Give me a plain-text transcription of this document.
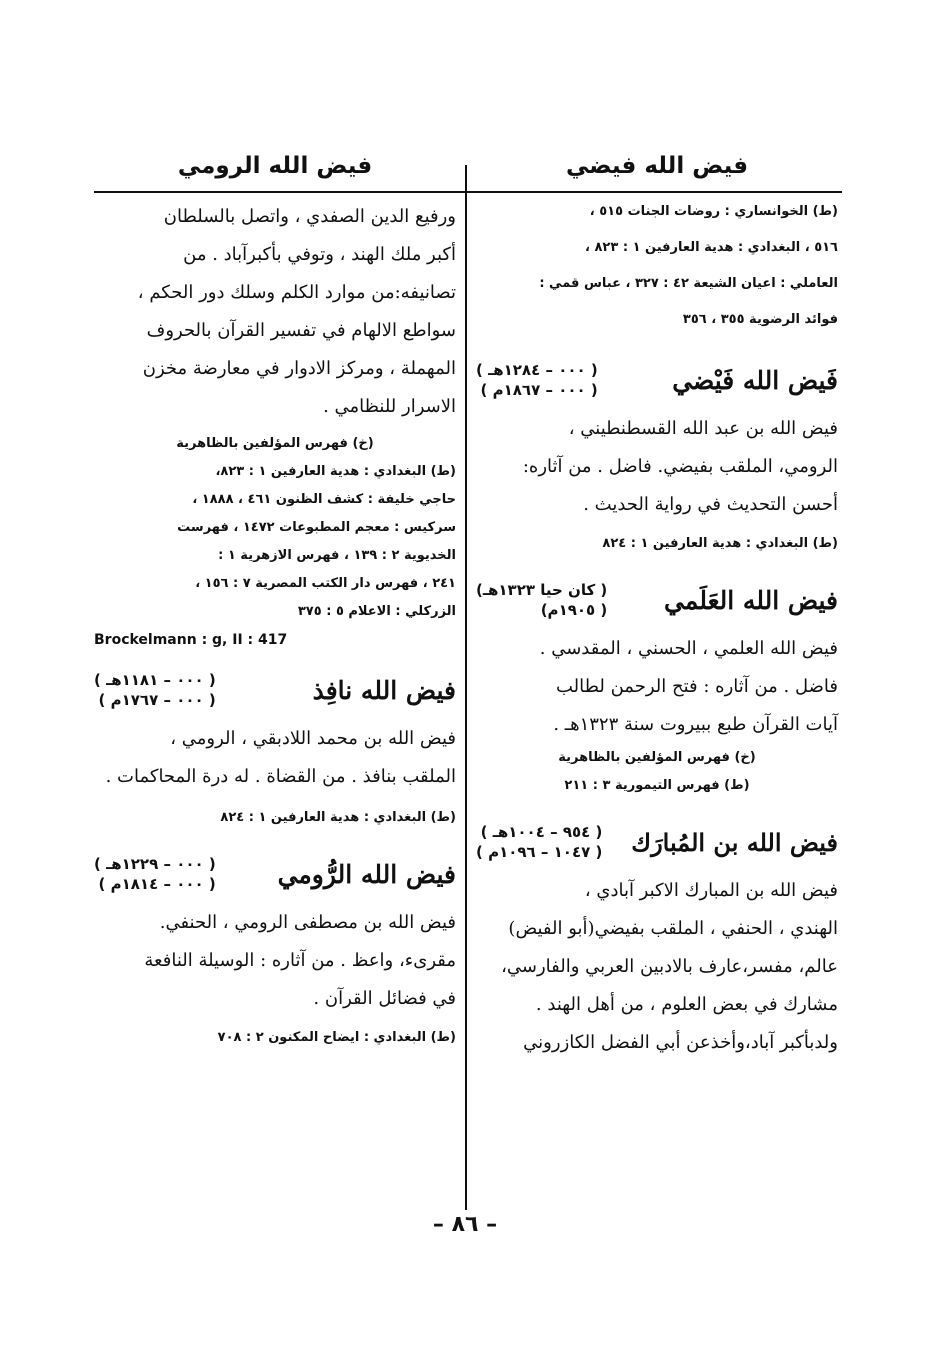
فيض الله فيضي
(ط) الخوانساري : روضات الجنات ٥١٥ ،
٥١٦ ، البغدادي : هدية العارفين ١ : ٨٢٣ ،
العاملي : اعيان الشيعة ٤٢ : ٣٢٧ ، عباس قمي :
فوائد الرضوية ٣٥٥ ، ٣٥٦
فَيض الله فَيْضي
( ٠٠٠ – ١٢٨٤هـ )
( ٠٠٠ – ١٨٦٧م )
فيض الله بن عبد الله القسطنطيني ،
الرومي، الملقب بفيضي. فاضل . من آثاره:
أحسن التحديث في رواية الحديث .
(ط) البغدادي : هدية العارفين ١ : ٨٢٤
فيض الله العَلَمي
( كان حيا ١٣٢٣هـ)
( ١٩٠٥م)
فيض الله العلمي ، الحسني ، المقدسي .
فاضل . من آثاره : فتح الرحمن لطالب
آيات القرآن طبع ببيروت سنة ١٣٢٣هـ .
(خ) فهرس المؤلفين بالظاهرية
(ط) فهرس التيمورية ٣ : ٢١١
فيض الله بن المُبارَك
( ٩٥٤ – ١٠٠٤هـ )
( ١٠٤٧ – ١٠٩٦م )
فيض الله بن المبارك الاكبر آبادي ،
الهندي ، الحنفي ، الملقب بفيضي(أبو الفيض)
عالم، مفسر،عارف بالادبين العربي والفارسي،
مشارك في بعض العلوم ، من أهل الهند .
ولدبأكبر آباد،وأخذعن أبي الفضل الكازروني
فيض الله الرومي
ورفيع الدين الصفدي ، واتصل بالسلطان
أكبر ملك الهند ، وتوفي بأكبرآباد . من
تصانيفه:من موارد الكلم وسلك دور الحكم ،
سواطع الالهام في تفسير القرآن بالحروف
المهملة ، ومركز الادوار في معارضة مخزن
الاسرار للنظامي .
(خ) فهرس المؤلفين بالظاهرية
(ط) البغدادي : هدية العارفين ١ : ٨٢٣،
حاجي خليفة : كشف الظنون ٤٦١ ، ١٨٨٨ ،
سركيس : معجم المطبوعات ١٤٧٢ ، فهرست
الخديوية ٢ : ١٣٩ ، فهرس الازهرية ١ :
٢٤١ ، فهرس دار الكتب المصرية ٧ : ١٥٦ ،
الزركلي : الاعلام ٥ : ٣٧٥
Brockelmann : g, II : 417
فيض الله نافِذ
( ٠٠٠ – ١١٨١هـ )
( ٠٠٠ – ١٧٦٧م )
فيض الله بن محمد اللادبقي ، الرومي ،
الملقب بنافذ . من القضاة . له درة المحاكمات .
(ط) البغدادي : هدية العارفين ١ : ٨٢٤
فيض الله الرُّومي
( ٠٠٠ – ١٢٢٩هـ )
( ٠٠٠ – ١٨١٤م )
فيض الله بن مصطفى الرومي ، الحنفي.
مقرىء، واعظ . من آثاره : الوسيلة النافعة
في فضائل القرآن .
(ط) البغدادي : ايضاح المكنون ٢ : ٧٠٨
– ٨٦ –
